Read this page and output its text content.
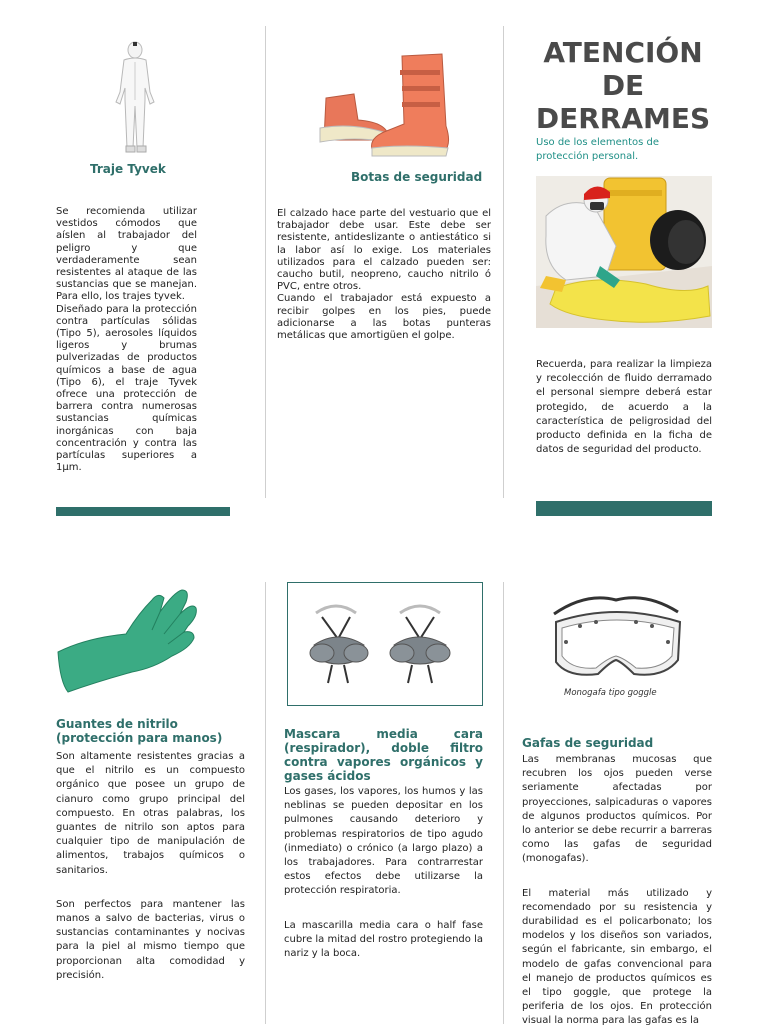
Traje Tyvek

Se recomienda utilizar vestidos cómodos que aíslen al trabajador del peligro y que verdaderamente sean resistentes al ataque de las sustancias que se manejan. Para ello, los trajes tyvek.

Diseñado para la protección contra partículas sólidas (Tipo 5), aerosoles líquidos ligeros y brumas pulverizadas de productos químicos a base de agua (Tipo 6), el traje Tyvek ofrece una protección de barrera contra numerosas sustancias químicas inorgánicas con baja concentración y contra las partículas superiores a 1µm.

Botas de seguridad

El calzado hace parte del vestuario que el trabajador debe usar. Este debe ser resistente, antideslizante o antiestático si la labor así lo exige. Los materiales utilizados para el calzado pueden ser: caucho butil, neopreno, caucho nitrilo ó PVC, entre otros.

Cuando el trabajador está expuesto a recibir golpes en los pies, puede adicionarse a las botas punteras metálicas que amortigüen el golpe.

ATENCIÓN
DE
DERRAMES
Uso de los elementos de protección personal.
Recuerda, para realizar la limpieza y recolección de fluido derramado el personal siempre deberá estar protegido, de acuerdo a la característica de peligrosidad del producto definida en la ficha de datos de seguridad del producto.
Guantes de nitrilo (protección para manos)

Son altamente resistentes gracias a que el nitrilo es un compuesto orgánico que posee un grupo de cianuro como grupo principal del compuesto. En otras palabras, los guantes de nitrilo son aptos para cualquier tipo de manipulación de alimentos, trabajos químicos o sanitarios.

Son perfectos para mantener las manos a salvo de bacterias, virus o sustancias contaminantes y nocivas para la piel al mismo tiempo que proporcionan alta comodidad y precisión.

Mascara media cara (respirador), doble filtro contra vapores orgánicos y gases ácidos

Los gases, los vapores, los humos y las neblinas se pueden depositar en los pulmones causando deterioro y problemas respiratorios de tipo agudo (inmediato) o crónico (a largo plazo) a los trabajadores. Para contrarrestar estos efectos debe utilizarse la protección respiratoria.

La mascarilla media cara o half fase cubre la mitad del rostro protegiendo la nariz y la boca.

Monogafa tipo goggle
Gafas de seguridad

Las membranas mucosas que recubren los ojos pueden verse seriamente afectadas por proyecciones, salpicaduras o vapores de algunos productos químicos. Por lo anterior se debe recurrir a barreras como las gafas de seguridad (monogafas).

El material más utilizado y recomendado por su resistencia y durabilidad es el policarbonato; los modelos y los diseños son variados, según el fabricante, sin embargo, el modelo de gafas convencional para el manejo de productos químicos es el tipo goggle, que protege la periferia de los ojos. En protección visual la norma para las gafas es la
